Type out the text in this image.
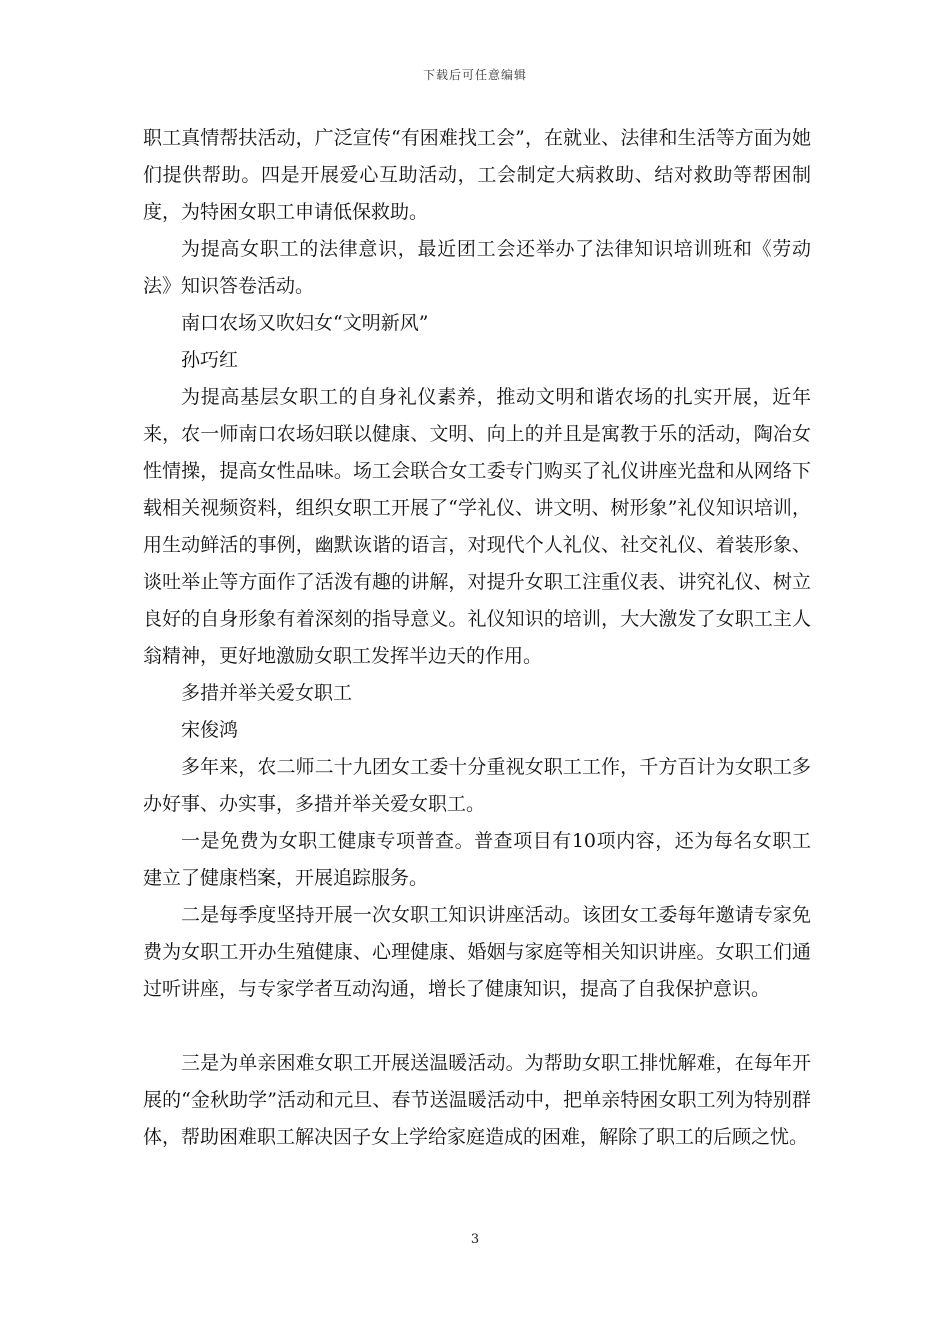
下载后可任意编辑

职工真情帮扶活动，广泛宣传“有困难找工会”，在就业、法律和生活等方面为她们提供帮助。四是开展爱心互助活动，工会制定大病救助、结对救助等帮困制度，为特困女职工申请低保救助。

为提高女职工的法律意识，最近团工会还举办了法律知识培训班和《劳动法》知识答卷活动。

南口农场又吹妇女“文明新风”

孙巧红

为提高基层女职工的自身礼仪素养，推动文明和谐农场的扎实开展，近年来，农一师南口农场妇联以健康、文明、向上的并且是寓教于乐的活动，陶冶女性情操，提高女性品味。场工会联合女工委专门购买了礼仪讲座光盘和从网络下载相关视频资料，组织女职工开展了“学礼仪、讲文明、树形象”礼仪知识培训，用生动鲜活的事例，幽默诙谐的语言，对现代个人礼仪、社交礼仪、着装形象、谈吐举止等方面作了活泼有趣的讲解，对提升女职工注重仪表、讲究礼仪、树立良好的自身形象有着深刻的指导意义。礼仪知识的培训，大大激发了女职工主人翁精神，更好地激励女职工发挥半边天的作用。

多措并举关爱女职工

宋俊鸿

多年来，农二师二十九团女工委十分重视女职工工作，千方百计为女职工多办好事、办实事，多措并举关爱女职工。

一是免费为女职工健康专项普查。普查项目有10项内容，还为每名女职工建立了健康档案，开展追踪服务。

二是每季度坚持开展一次女职工知识讲座活动。该团女工委每年邀请专家免费为女职工开办生殖健康、心理健康、婚姻与家庭等相关知识讲座。女职工们通过听讲座，与专家学者互动沟通，增长了健康知识，提高了自我保护意识。

三是为单亲困难女职工开展送温暖活动。为帮助女职工排忧解难，在每年开展的“金秋助学”活动和元旦、春节送温暖活动中，把单亲特困女职工列为特别群体，帮助困难职工解决因子女上学给家庭造成的困难，解除了职工的后顾之忧。

3
